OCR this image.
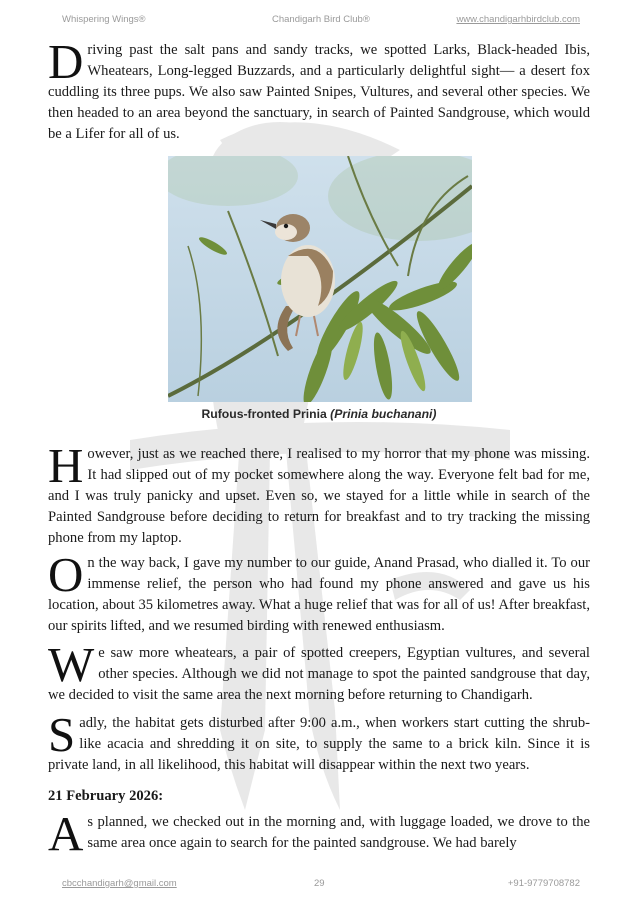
Whispering Wings®	Chandigarh Bird Club®	www.chandigarhbirdclub.com

Driving past the salt pans and sandy tracks, we spotted Larks, Black-headed Ibis, Wheatears, Long-legged Buzzards, and a particularly delightful sight— a desert fox cuddling its three pups. We also saw Painted Snipes, Vultures, and several other species. We then headed to an area beyond the sanctuary, in search of Painted Sandgrouse, which would be a Lifer for all of us.

Rufous-fronted Prinia (Prinia buchanani)

However, just as we reached there, I realised to my horror that my phone was missing. It had slipped out of my pocket somewhere along the way. Everyone felt bad for me, and I was truly panicky and upset. Even so, we stayed for a little while in search of the Painted Sandgrouse before deciding to return for breakfast and to try tracking the missing phone from my laptop.

On the way back, I gave my number to our guide, Anand Prasad, who dialled it. To our immense relief, the person who had found my phone answered and gave us his location, about 35 kilometres away. What a huge relief that was for all of us! After breakfast, our spirits lifted, and we resumed birding with renewed enthusiasm.

We saw more wheatears, a pair of spotted creepers, Egyptian vultures, and several other species. Although we did not manage to spot the painted sandgrouse that day, we decided to visit the same area the next morning before returning to Chandigarh.

Sadly, the habitat gets disturbed after 9:00 a.m., when workers start cutting the shrub-like acacia and shredding it on site, to supply the same to a brick kiln. Since it is private land, in all likelihood, this habitat will disappear within the next two years.

21 February 2026:

As planned, we checked out in the morning and, with luggage loaded, we drove to the same area once again to search for the painted sandgrouse. We had barely

cbcchandigarh@gmail.com	29	+91-9779708782
